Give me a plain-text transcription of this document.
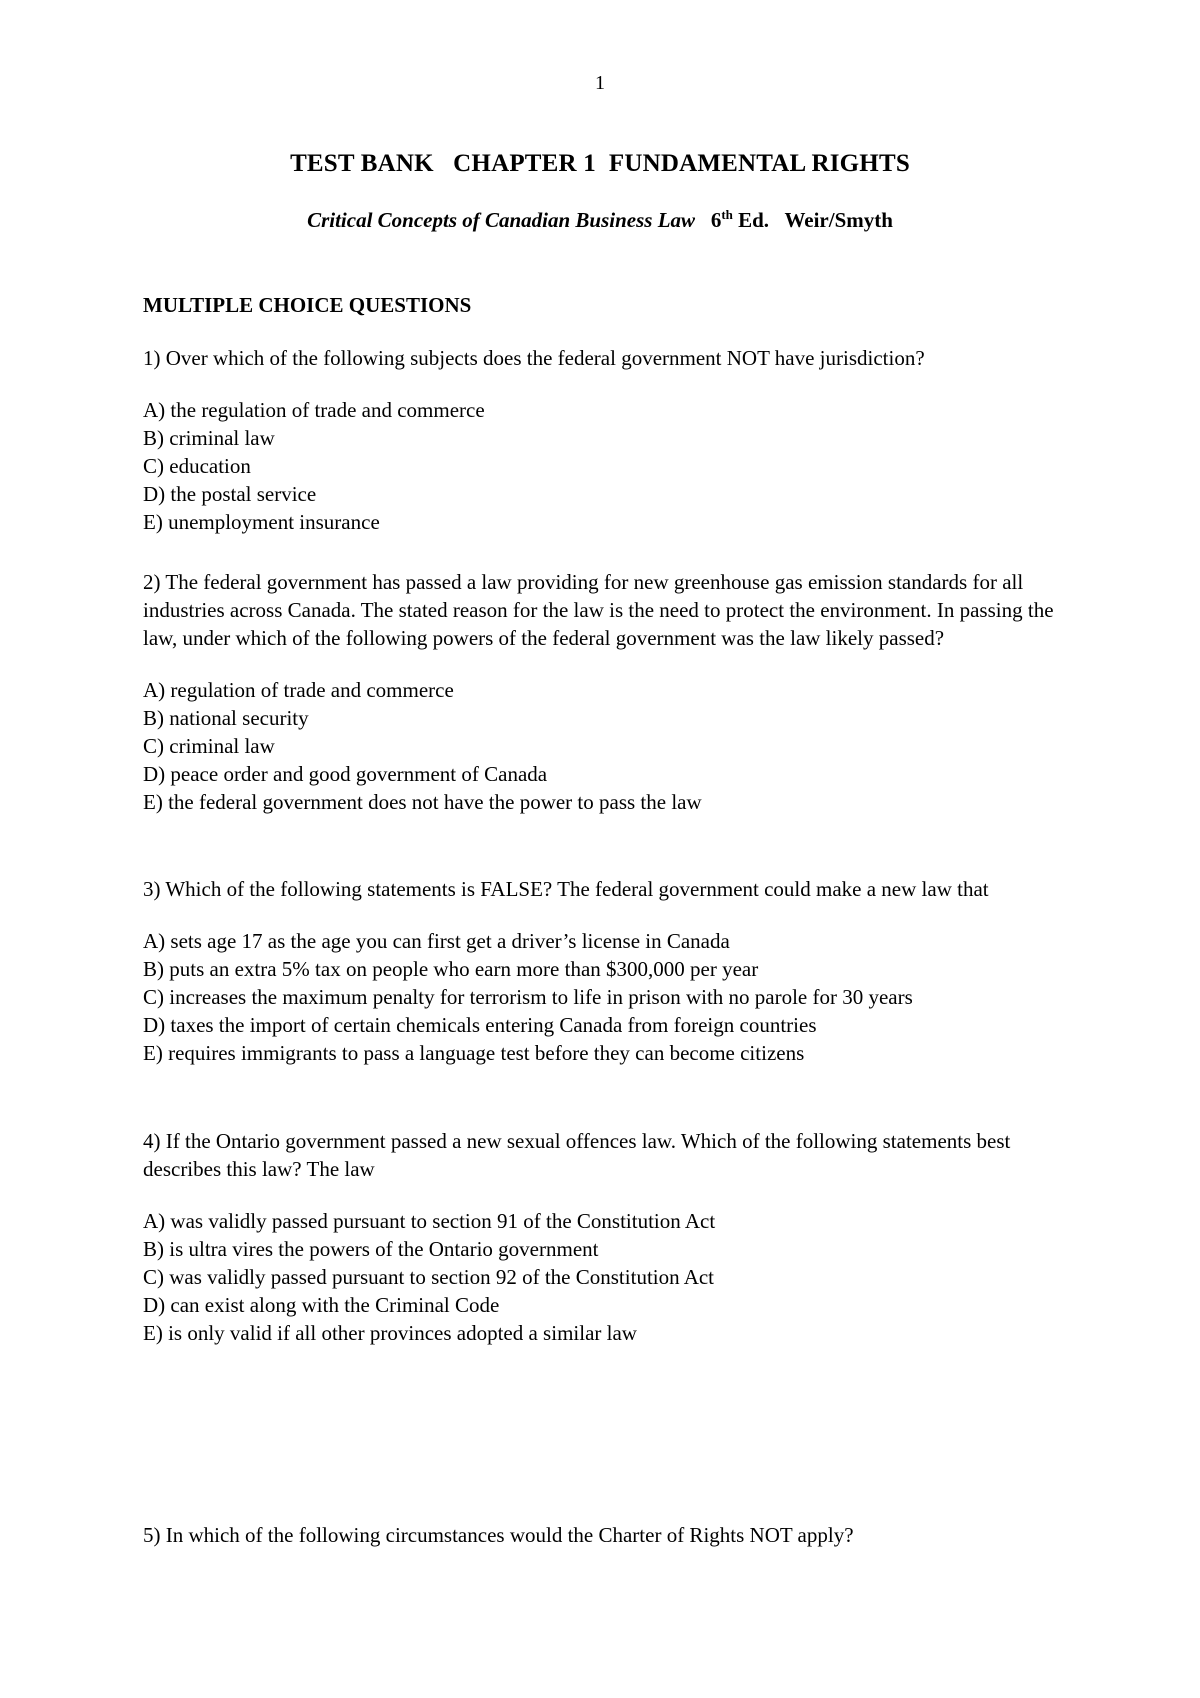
1
TEST BANK   CHAPTER 1  FUNDAMENTAL RIGHTS
Critical Concepts of Canadian Business Law 6th Ed. Weir/Smyth
MULTIPLE CHOICE QUESTIONS

1) Over which of the following subjects does the federal government NOT have jurisdiction?

A) the regulation of trade and commerce
B) criminal law
C) education
D) the postal service
E) unemployment insurance

2) The federal government has passed a law providing for new greenhouse gas emission standards for all industries across Canada. The stated reason for the law is the need to protect the environment. In passing the law, under which of the following powers of the federal government was the law likely passed?

A) regulation of trade and commerce
B) national security
C) criminal law
D) peace order and good government of Canada
E) the federal government does not have the power to pass the law

3) Which of the following statements is FALSE? The federal government could make a new law that

A) sets age 17 as the age you can first get a driver’s license in Canada
B) puts an extra 5% tax on people who earn more than $300,000 per year
C) increases the maximum penalty for terrorism to life in prison with no parole for 30 years
D) taxes the import of certain chemicals entering Canada from foreign countries
E) requires immigrants to pass a language test before they can become citizens

4) If the Ontario government passed a new sexual offences law. Which of the following statements best describes this law? The law

A) was validly passed pursuant to section 91 of the Constitution Act
B) is ultra vires the powers of the Ontario government
C) was validly passed pursuant to section 92 of the Constitution Act
D) can exist along with the Criminal Code
E) is only valid if all other provinces adopted a similar law

5) In which of the following circumstances would the Charter of Rights NOT apply?
